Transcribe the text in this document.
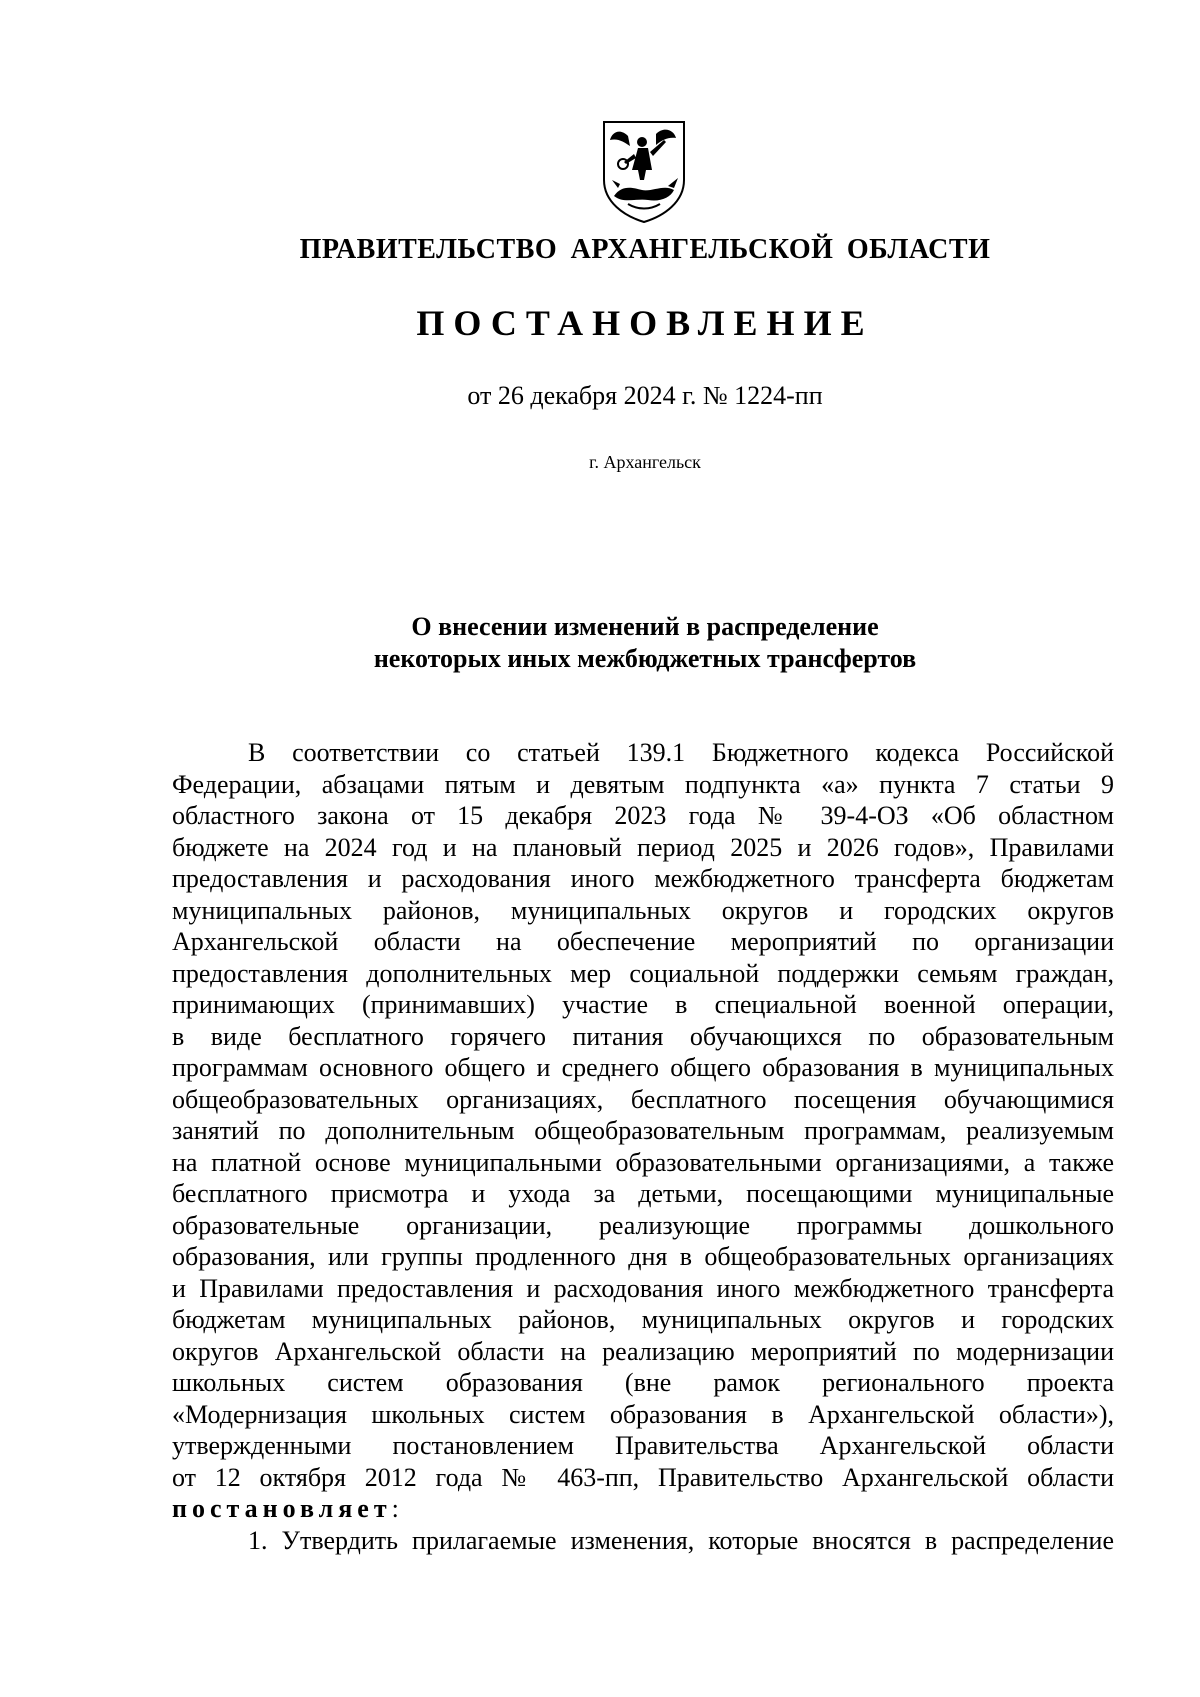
ПРАВИТЕЛЬСТВО АРХАНГЕЛЬСКОЙ ОБЛАСТИ
ПОСТАНОВЛЕНИЕ
от 26 декабря 2024 г. № 1224-пп
г. Архангельск
О внесении изменений в распределение
некоторых иных межбюджетных трансфертов
В соответствии со статьей 139.1 Бюджетного кодекса Российской
Федерации, абзацами пятым и девятым подпункта «а» пункта 7 статьи 9
областного закона от 15 декабря 2023 года № 39-4-ОЗ «Об областном
бюджете на 2024 год и на плановый период 2025 и 2026 годов», Правилами
предоставления и расходования иного межбюджетного трансферта бюджетам
муниципальных районов, муниципальных округов и городских округов
Архангельской области на обеспечение мероприятий по организации
предоставления дополнительных мер социальной поддержки семьям граждан,
принимающих (принимавших) участие в специальной военной операции,
в виде бесплатного горячего питания обучающихся по образовательным
программам основного общего и среднего общего образования в муниципальных
общеобразовательных организациях, бесплатного посещения обучающимися
занятий по дополнительным общеобразовательным программам, реализуемым
на платной основе муниципальными образовательными организациями, а также
бесплатного присмотра и ухода за детьми, посещающими муниципальные
образовательные организации, реализующие программы дошкольного
образования, или группы продленного дня в общеобразовательных организациях
и Правилами предоставления и расходования иного межбюджетного трансферта
бюджетам муниципальных районов, муниципальных округов и городских
округов Архангельской области на реализацию мероприятий по модернизации
школьных систем образования (вне рамок регионального проекта
«Модернизация школьных систем образования в Архангельской области»),
утвержденными постановлением Правительства Архангельской области
от 12 октября 2012 года № 463-пп, Правительство Архангельской области
постановляет:
1. Утвердить прилагаемые изменения, которые вносятся в распределение
